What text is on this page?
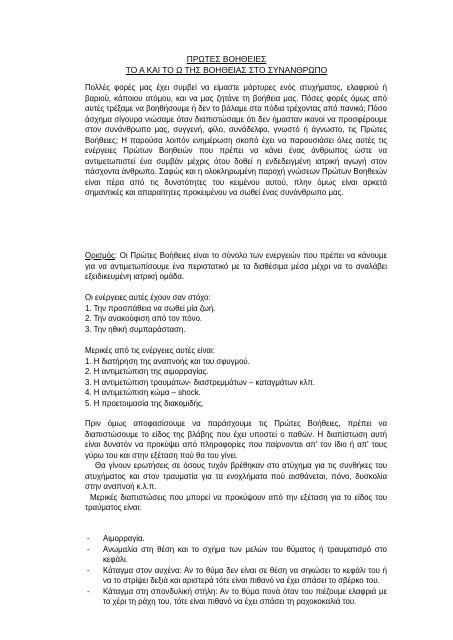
ΠΡΩΤΕΣ ΒΟΗΘΕΙΕΣ
ΤΟ Α ΚΑΙ ΤΟ Ω ΤΗΣ ΒΟΗΘΕΙΑΣ ΣΤΟ ΣΥΝΑΝΘΡΩΠΟ

Πολλές φορές μας έχει συμβεί να είμαστε μάρτυρες ενός ατυχήματος, ελαφριού ή βαριού, κάποιου ατόμου, και να μας ζητάνε τη βοήθεια μας. Πόσες φορές όμως από αυτές τρέξαμε να βοηθήσουμε ή δεν το βάλαμε στα πόδια τρέχοντας από πανικό; Πόσο άσχημα σίγουρα νιώσαμε όταν διαπιστώσαμε ότι δεν ήμασταν ικανοί να προσφέρουμε στον συνάνθρωπο μας, συγγενή, φίλο, συνάδελφο, γνωστό ή άγνωστο, τις Πρώτες Βοήθειες; Η παρούσα λοιπόν ενημέρωση σκοπό έχει να παρουσιάσει όλες αυτές τις ενέργειες Πρώτων Βοηθειών που πρέπει να κάνει ένας άνθρωπος ώστε να αντιμετωπιστεί ένα συμβάν μέχρις ότου δοθεί η ενδεδειγμένη ιατρική αγωγή στον πάσχοντα άνθρωπο. Σαφώς και η ολοκληρωμένη παροχή γνώσεων Πρώτων Βοηθειών είναι πέρα από τις δυνατότητες του κειμένου αυτού, πλην όμως είναι αρκετά σημαντικές και απαραίτητες προκειμένου να σωθεί ένας συνάνθρωπο μας.

Ορισμός: Οι Πρώτες Βοήθειες είναι το σύνολο των ενεργειών που πρέπει να κάνουμε για να αντιμετωπίσουμε ένα περιστατικό με τα διαθέσιμα μέσα μέχρι να το αναλάβει εξειδικευμένη ιατρική ομάδα.

Οι ενέργειες αυτές έχουν σαν στόχο:
1. Την προσπάθεια να σωθεί μία ζωή.
2. Την ανακούφιση από τον πόνο.
3. Την ηθική συμπαράσταση.
Μερικές από τις ενέργειες αυτές είναι:
1. Η διατήρηση της αναπνοής και του σφυγμού.
2. Η αντιμετώπιση της αιμορραγίας.
3. Η αντιμετώπιση τραυμάτων- διαστρεμμάτων – καταγμάτων κλπ.
4. Η αντιμετώπιση κώμα – shock.
5. Η προετοιμασία της διακομιδής.

Πριν όμως αποφασίσουμε να παράσχουμε τις Πρώτες Βοήθειες, πρέπει να διαπιστώσουμε το είδος της βλάβης που έχει υποστεί ο παθών. Η διαπίστωση αυτή είναι δυνατόν να προκύψει από πληροφορίες που παίρνονται απ' τον ίδιο ή απ' τους γύρω του και στην εξέταση πού θα του γίνει.

Θα γίνουν ερωτήσεις σε όσους τυχόν βρέθηκαν στο ατύχημα για τις συνθήκες του ατυχήματος και στον τραυματία για τα ενοχλήματα πού αισθάνεται, πόνο, δυσκολία στην αναπνοή κ.λ.π.

Μερικές διαπιστώσεις που μπορεί να προκύψουν από την εξέταση για το είδος του τραύματος είναι:

-	Αιμορραγία.
-	Ανωμαλία στη θέση και το σχήμα των μελών του θύματος ή τραυματισμό στο κεφάλι.
-	Κάταγμα στον αυχένα: Αν το θύμα δεν είναι σε θέση να σηκώσει το κεφάλι του ή να το στρίψει δεξιά και αριστερά τότε είναι πιθανό να έχει σπάσει το σβέρκο του.
-	Κάταγμα στη σπονδυλική στήλη: Αν το θύμα πονά όταν του πιέζουμε ελαφριά με το χέρι τη ράχη του, τότε είναι πιθανό να έχει σπάσει τη ραχοκοκαλιά του.
